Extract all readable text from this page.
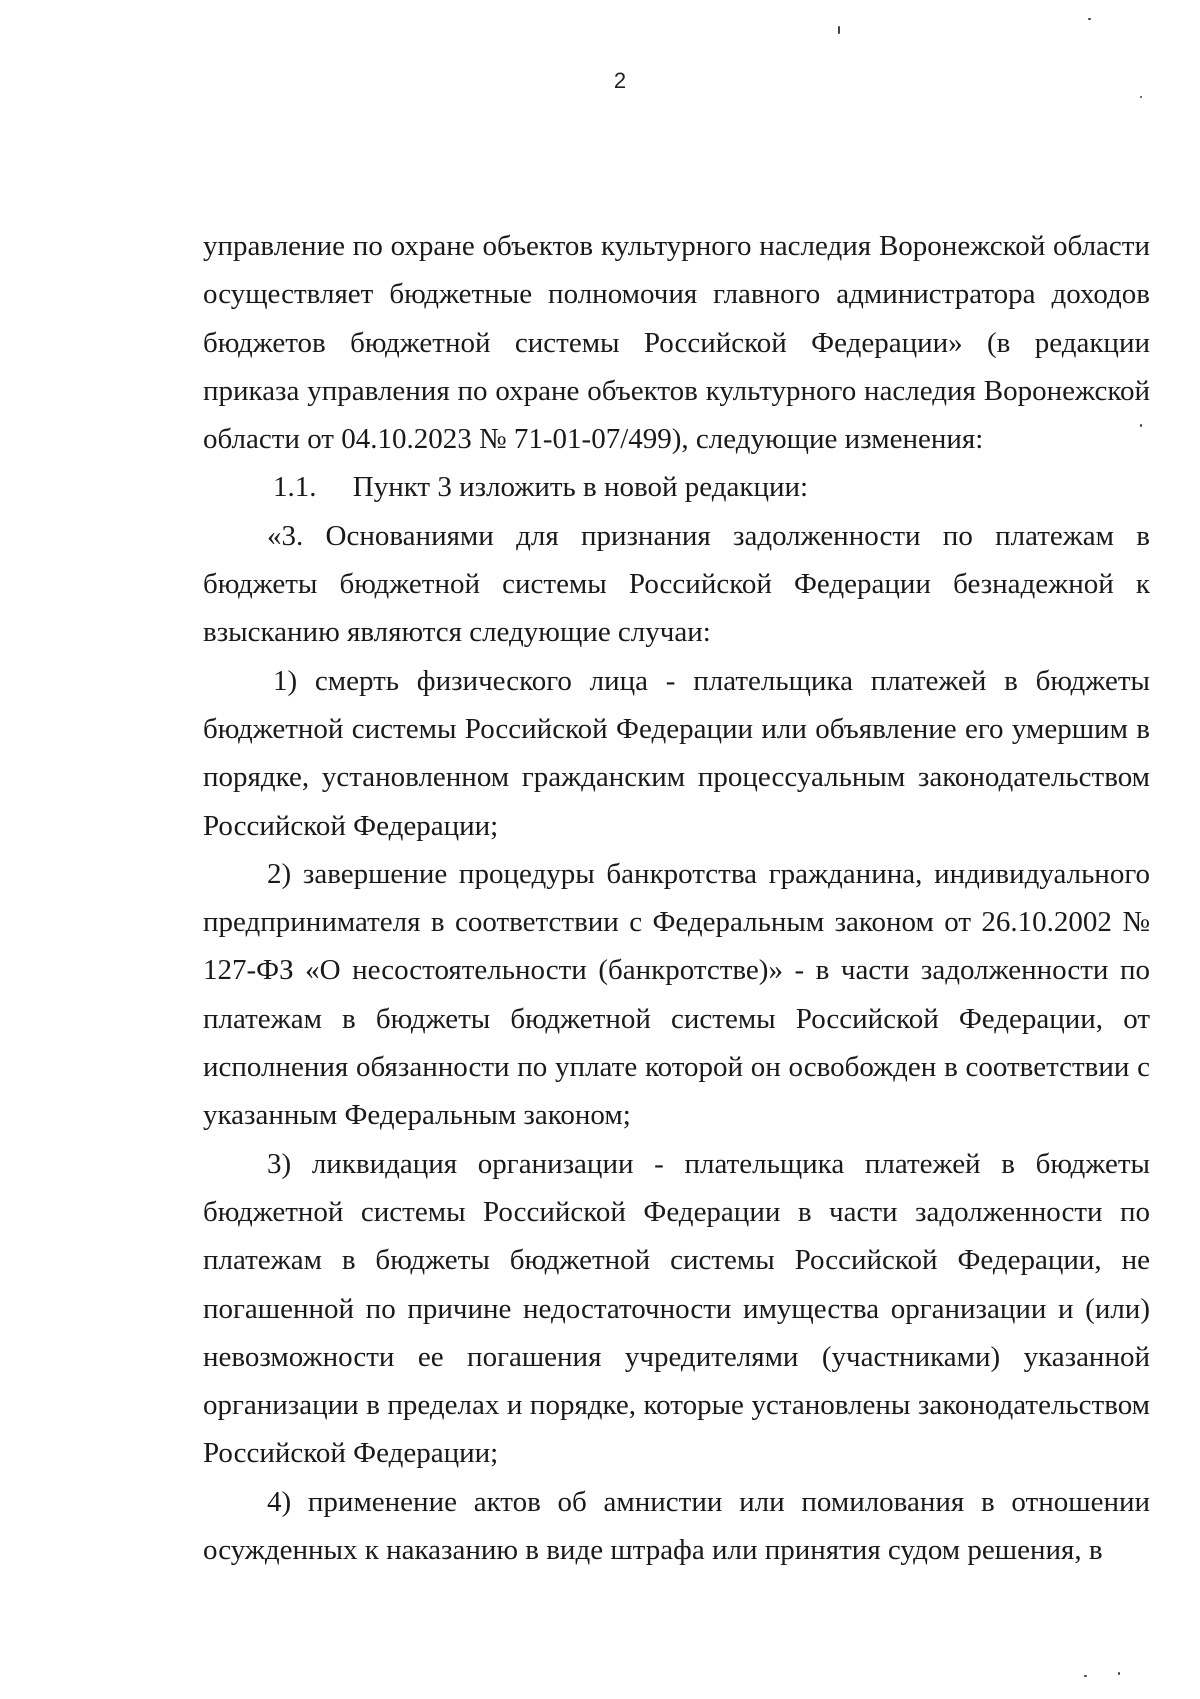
2

управление по охране объектов культурного наследия Воронежской области осуществляет бюджетные полномочия главного администратора доходов бюджетов бюджетной системы Российской Федерации» (в редакции приказа управления по охране объектов культурного наследия Воронежской области от 04.10.2023 № 71-01-07/499), следующие изменения:

1.1.  Пункт 3 изложить в новой редакции:

«3. Основаниями для признания задолженности по платежам в бюджеты бюджетной системы Российской Федерации безнадежной к взысканию являются следующие случаи:

1) смерть физического лица - плательщика платежей в бюджеты бюджетной системы Российской Федерации или объявление его умершим в порядке, установленном гражданским процессуальным законодательством Российской Федерации;

2) завершение процедуры банкротства гражданина, индивидуального предпринимателя в соответствии с Федеральным законом от 26.10.2002 № 127-ФЗ «О несостоятельности (банкротстве)» - в части задолженности по платежам в бюджеты бюджетной системы Российской Федерации, от исполнения обязанности по уплате которой он освобожден в соответствии с указанным Федеральным законом;

3) ликвидация организации - плательщика платежей в бюджеты бюджетной системы Российской Федерации в части задолженности по платежам в бюджеты бюджетной системы Российской Федерации, не погашенной по причине недостаточности имущества организации и (или) невозможности ее погашения учредителями (участниками) указанной организации в пределах и порядке, которые установлены законодательством Российской Федерации;

4) применение актов об амнистии или помилования в отношении осужденных к наказанию в виде штрафа или принятия судом решения, в
